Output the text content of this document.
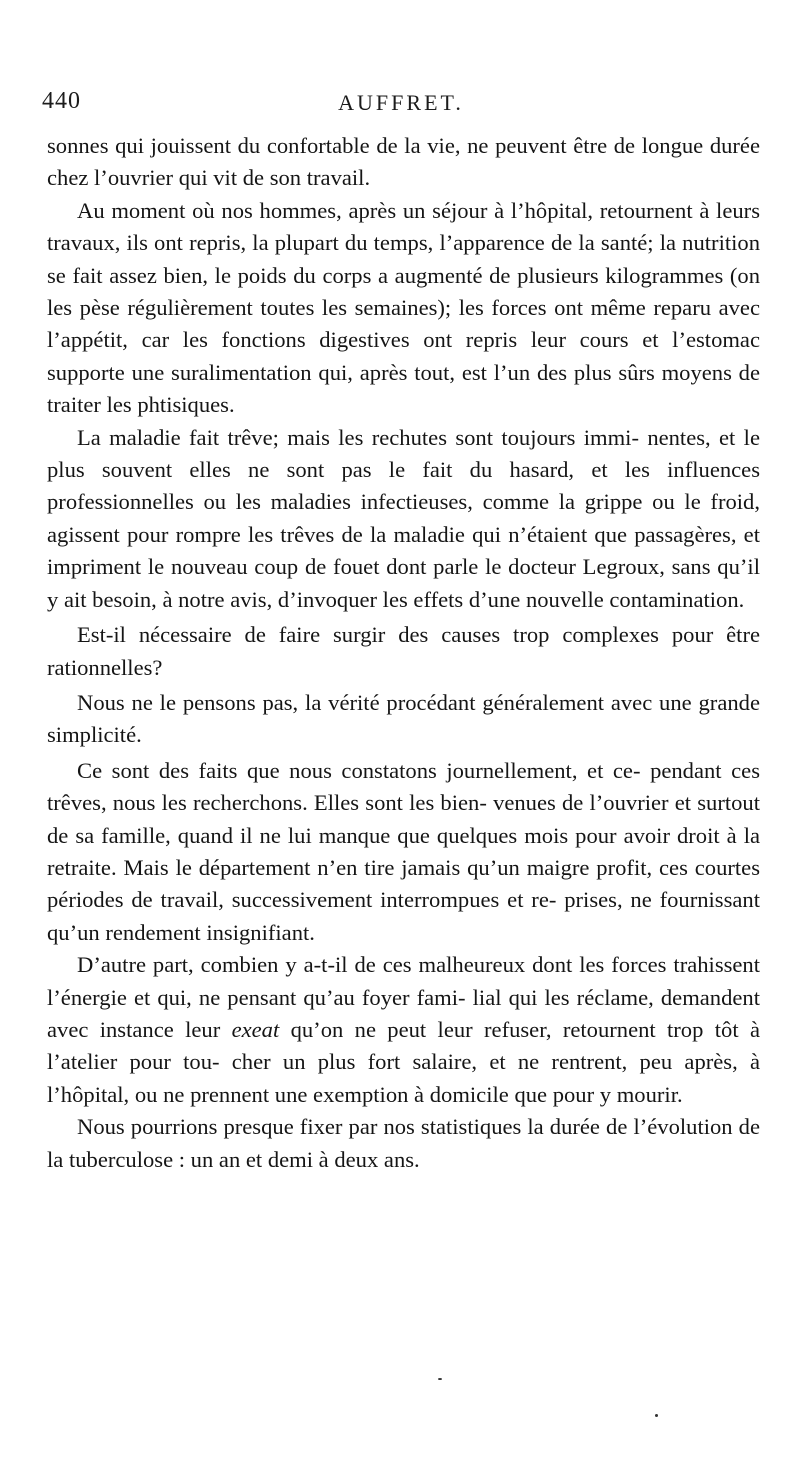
440	AUFFRET.

sonnes qui jouissent du confortable de la vie, ne peuvent être de longue durée chez l’ouvrier qui vit de son travail.

Au moment où nos hommes, après un séjour à l’hôpital, retournent à leurs travaux, ils ont repris, la plupart du temps, l’apparence de la santé; la nutrition se fait assez bien, le poids du corps a augmenté de plusieurs kilogrammes (on les pèse régulièrement toutes les semaines); les forces ont même reparu avec l’appétit, car les fonctions digestives ont repris leur cours et l’estomac supporte une suralimentation qui, après tout, est l’un des plus sûrs moyens de traiter les phtisiques.

La maladie fait trêve; mais les rechutes sont toujours immi- nentes, et le plus souvent elles ne sont pas le fait du hasard, et les influences professionnelles ou les maladies infectieuses, comme la grippe ou le froid, agissent pour rompre les trêves de la maladie qui n’étaient que passagères, et impriment le nouveau coup de fouet dont parle le docteur Legroux, sans qu’il y ait besoin, à notre avis, d’invoquer les effets d’une nouvelle contamination.

Est-il nécessaire de faire surgir des causes trop complexes pour être rationnelles?

Nous ne le pensons pas, la vérité procédant généralement avec une grande simplicité.

Ce sont des faits que nous constatons journellement, et ce- pendant ces trêves, nous les recherchons. Elles sont les bien- venues de l’ouvrier et surtout de sa famille, quand il ne lui manque que quelques mois pour avoir droit à la retraite. Mais le département n’en tire jamais qu’un maigre profit, ces courtes périodes de travail, successivement interrompues et re- prises, ne fournissant qu’un rendement insignifiant.

D’autre part, combien y a-t-il de ces malheureux dont les forces trahissent l’énergie et qui, ne pensant qu’au foyer fami- lial qui les réclame, demandent avec instance leur exeat qu’on ne peut leur refuser, retournent trop tôt à l’atelier pour tou- cher un plus fort salaire, et ne rentrent, peu après, à l’hôpital, ou ne prennent une exemption à domicile que pour y mourir.

Nous pourrions presque fixer par nos statistiques la durée de l’évolution de la tuberculose : un an et demi à deux ans.
